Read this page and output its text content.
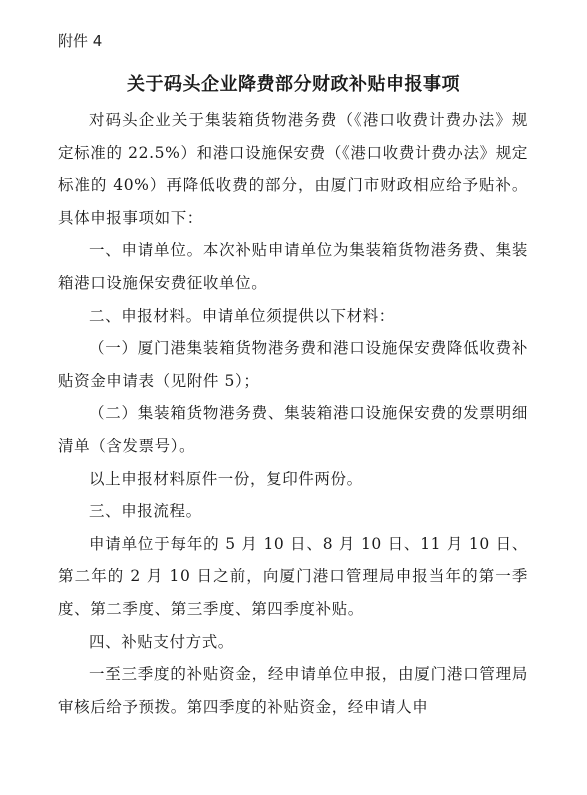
附件 4
关于码头企业降费部分财政补贴申报事项

对码头企业关于集装箱货物港务费（《港口收费计费办法》规定标准的 22.5%）和港口设施保安费（《港口收费计费办法》规定标准的 40%）再降低收费的部分，由厦门市财政相应给予贴补。具体申报事项如下：

一、申请单位。本次补贴申请单位为集装箱货物港务费、集装箱港口设施保安费征收单位。

二、申报材料。申请单位须提供以下材料：

（一）厦门港集装箱货物港务费和港口设施保安费降低收费补贴资金申请表（见附件 5）；

（二）集装箱货物港务费、集装箱港口设施保安费的发票明细清单（含发票号）。

以上申报材料原件一份，复印件两份。

三、申报流程。

申请单位于每年的 5 月 10 日、8 月 10 日、11 月 10 日、第二年的 2 月 10 日之前，向厦门港口管理局申报当年的第一季度、第二季度、第三季度、第四季度补贴。

四、补贴支付方式。

一至三季度的补贴资金，经申请单位申报，由厦门港口管理局审核后给予预拨。第四季度的补贴资金，经申请人申
